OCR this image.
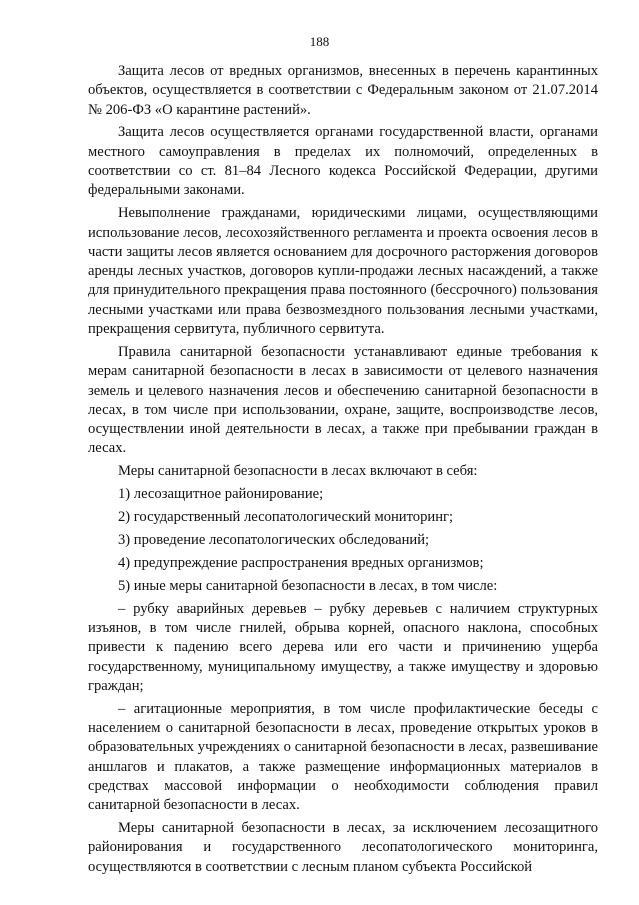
188

Защита лесов от вредных организмов, внесенных в перечень карантинных объектов, осуществляется в соответствии с Федеральным законом от 21.07.2014 № 206-ФЗ «О карантине растений».

Защита лесов осуществляется органами государственной власти, органами местного самоуправления в пределах их полномочий, определенных в соответствии со ст. 81–84 Лесного кодекса Российской Федерации, другими федеральными законами.

Невыполнение гражданами, юридическими лицами, осуществляющими использование лесов, лесохозяйственного регламента и проекта освоения лесов в части защиты лесов является основанием для досрочного расторжения договоров аренды лесных участков, договоров купли-продажи лесных насаждений, а также для принудительного прекращения права постоянного (бессрочного) пользования лесными участками или права безвозмездного пользования лесными участками, прекращения сервитута, публичного сервитута.

Правила санитарной безопасности устанавливают единые требования к мерам санитарной безопасности в лесах в зависимости от целевого назначения земель и целевого назначения лесов и обеспечению санитарной безопасности в лесах, в том числе при использовании, охране, защите, воспроизводстве лесов, осуществлении иной деятельности в лесах, а также при пребывании граждан в лесах.

Меры санитарной безопасности в лесах включают в себя:

1) лесозащитное районирование;

2) государственный лесопатологический мониторинг;

3) проведение лесопатологических обследований;

4) предупреждение распространения вредных организмов;

5) иные меры санитарной безопасности в лесах, в том числе:

– рубку аварийных деревьев – рубку деревьев с наличием структурных изъянов, в том числе гнилей, обрыва корней, опасного наклона, способных привести к падению всего дерева или его части и причинению ущерба государственному, муниципальному имуществу, а также имуществу и здоровью граждан;

– агитационные мероприятия, в том числе профилактические беседы с населением о санитарной безопасности в лесах, проведение открытых уроков в образовательных учреждениях о санитарной безопасности в лесах, развешивание аншлагов и плакатов, а также размещение информационных материалов в средствах массовой информации о необходимости соблюдения правил санитарной безопасности в лесах.

Меры санитарной безопасности в лесах, за исключением лесозащитного районирования и государственного лесопатологического мониторинга, осуществляются в соответствии с лесным планом субъекта Российской
